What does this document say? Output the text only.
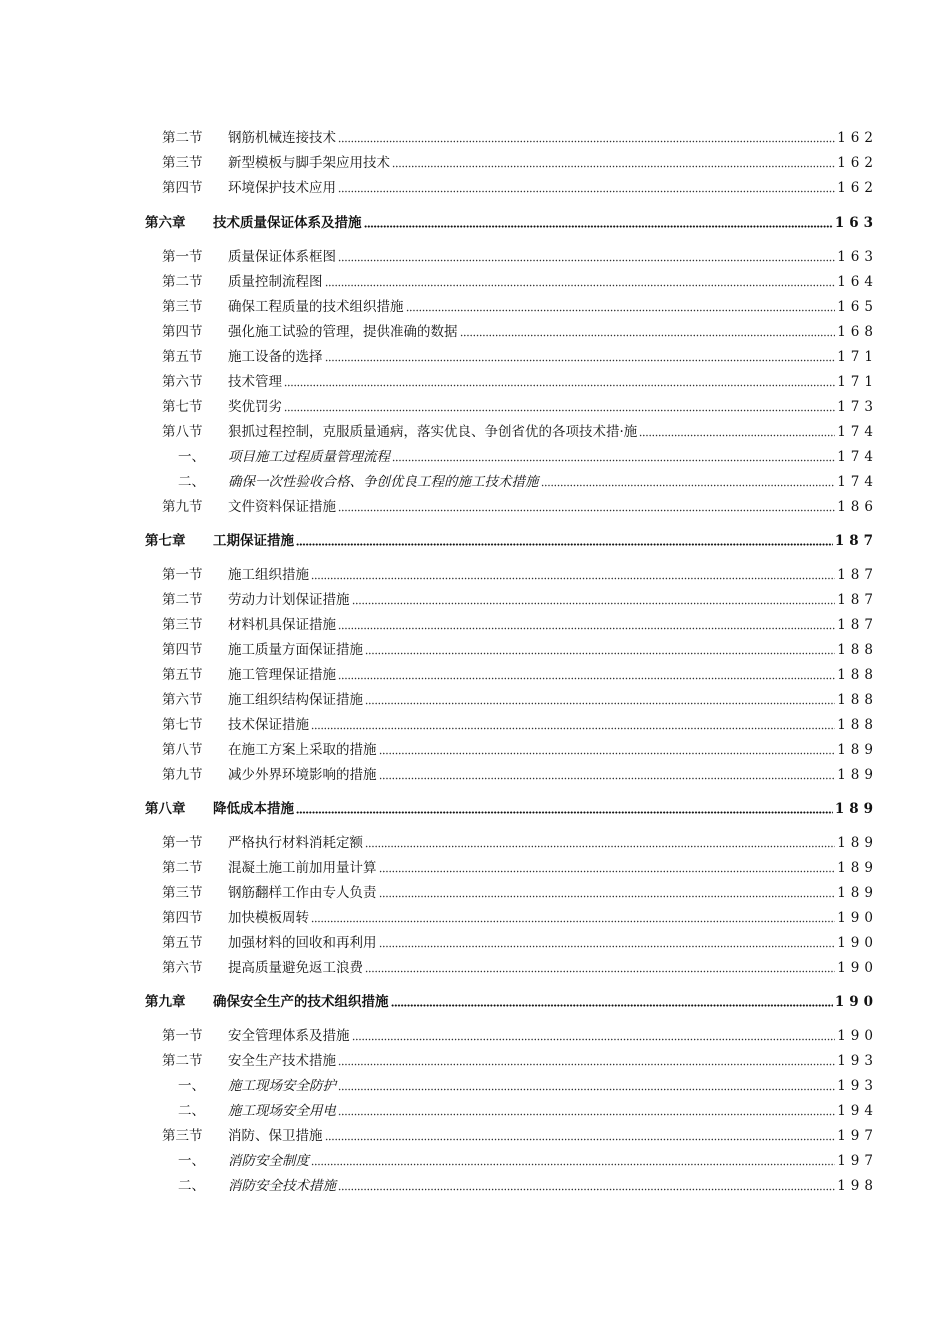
第二节	钢筋机械连接技术	162
第三节	新型模板与脚手架应用技术	162
第四节	环境保护技术应用	162
第六章	技术质量保证体系及措施	163
第一节	质量保证体系框图	163
第二节	质量控制流程图	164
第三节	确保工程质量的技术组织措施	165
第四节	强化施工试验的管理，提供准确的数据	168
第五节	施工设备的选择	171
第六节	技术管理	171
第七节	奖优罚劣	173
第八节	狠抓过程控制，克服质量通病，落实优良、争创省优的各项技术措·施	174
一、	项目施工过程质量管理流程	174
二、	确保一次性验收合格、争创优良工程的施工技术措施	174
第九节	文件资料保证措施	186
第七章	工期保证措施	187
第一节	施工组织措施	187
第二节	劳动力计划保证措施	187
第三节	材料机具保证措施	187
第四节	施工质量方面保证措施	188
第五节	施工管理保证措施	188
第六节	施工组织结构保证措施	188
第七节	技术保证措施	188
第八节	在施工方案上采取的措施	189
第九节	减少外界环境影响的措施	189
第八章	降低成本措施	189
第一节	严格执行材料消耗定额	189
第二节	混凝土施工前加用量计算	189
第三节	钢筋翻样工作由专人负责	189
第四节	加快模板周转	190
第五节	加强材料的回收和再利用	190
第六节	提高质量避免返工浪费	190
第九章	确保安全生产的技术组织措施	190
第一节	安全管理体系及措施	190
第二节	安全生产技术措施	193
一、	施工现场安全防护	193
二、	施工现场安全用电	194
第三节	消防、保卫措施	197
一、	消防安全制度	197
二、	消防安全技术措施	198
